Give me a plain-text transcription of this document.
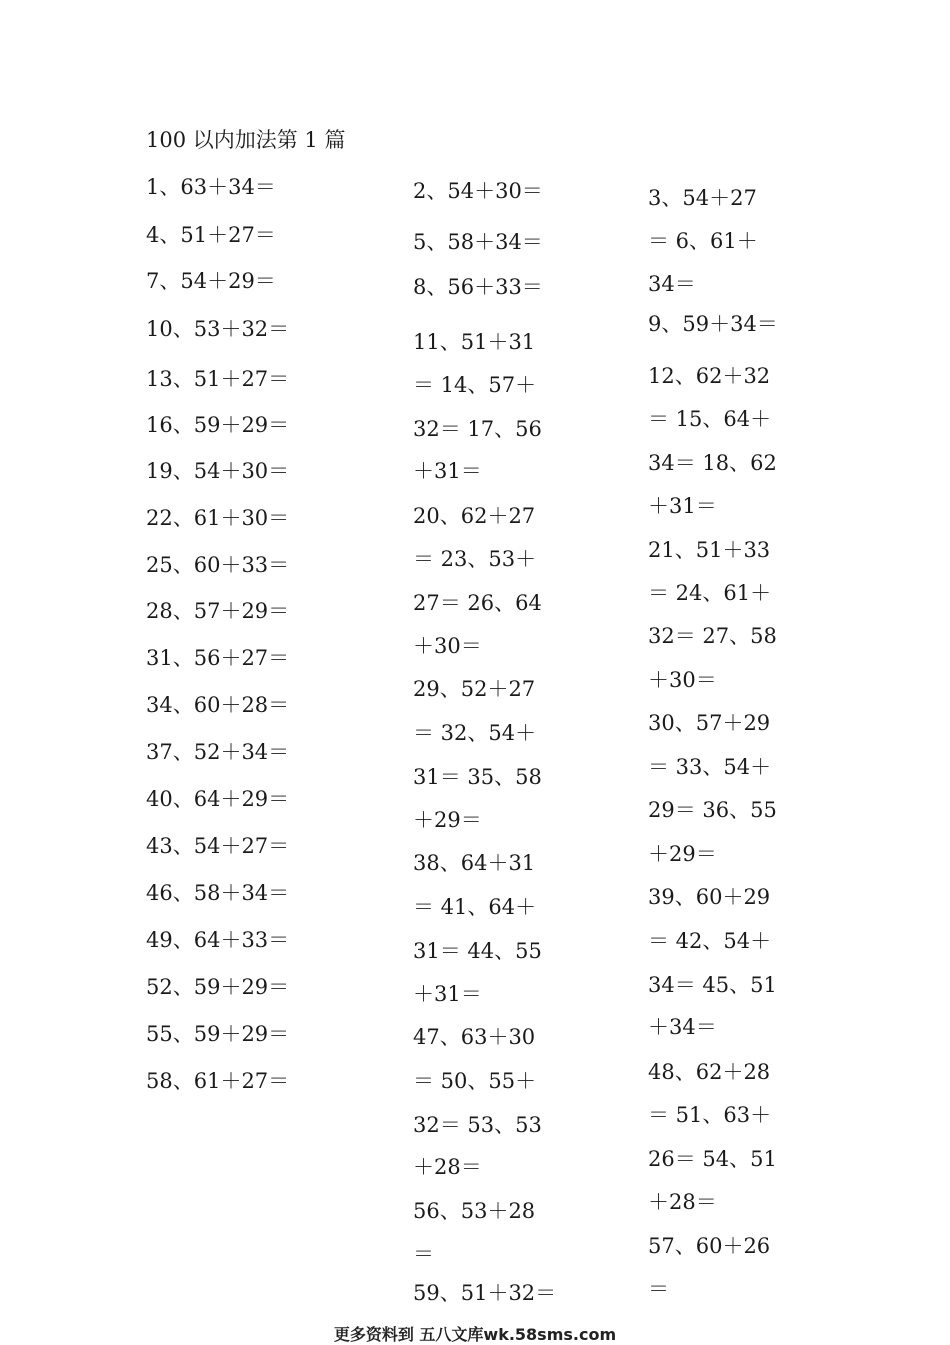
100 以内加法第 1 篇
1、63＋34＝
4、51＋27＝
7、54＋29＝
10、53＋32＝
13、51＋27＝
16、59＋29＝
19、54＋30＝
22、61＋30＝
25、60＋33＝
28、57＋29＝
31、56＋27＝
34、60＋28＝
37、52＋34＝
40、64＋29＝
43、54＋27＝
46、58＋34＝
49、64＋33＝
52、59＋29＝
55、59＋29＝
58、61＋27＝
2、54＋30＝
5、58＋34＝
8、56＋33＝
11、51＋31
＝ 14、57＋
32＝ 17、56
＋31＝
20、62＋27
＝ 23、53＋
27＝ 26、64
＋30＝
29、52＋27
＝ 32、54＋
31＝ 35、58
＋29＝
38、64＋31
＝ 41、64＋
31＝ 44、55
＋31＝
47、63＋30
＝ 50、55＋
32＝ 53、53
＋28＝
56、53＋28
＝
59、51＋32＝
3、54＋27
＝ 6、61＋
34＝
9、59＋34＝
12、62＋32
＝ 15、64＋
34＝ 18、62
＋31＝
21、51＋33
＝ 24、61＋
32＝ 27、58
＋30＝
30、57＋29
＝ 33、54＋
29＝ 36、55
＋29＝
39、60＋29
＝ 42、54＋
34＝ 45、51
＋34＝
48、62＋28
＝ 51、63＋
26＝ 54、51
＋28＝
57、60＋26
＝
更多资料到 五八文库wk.58sms.com
